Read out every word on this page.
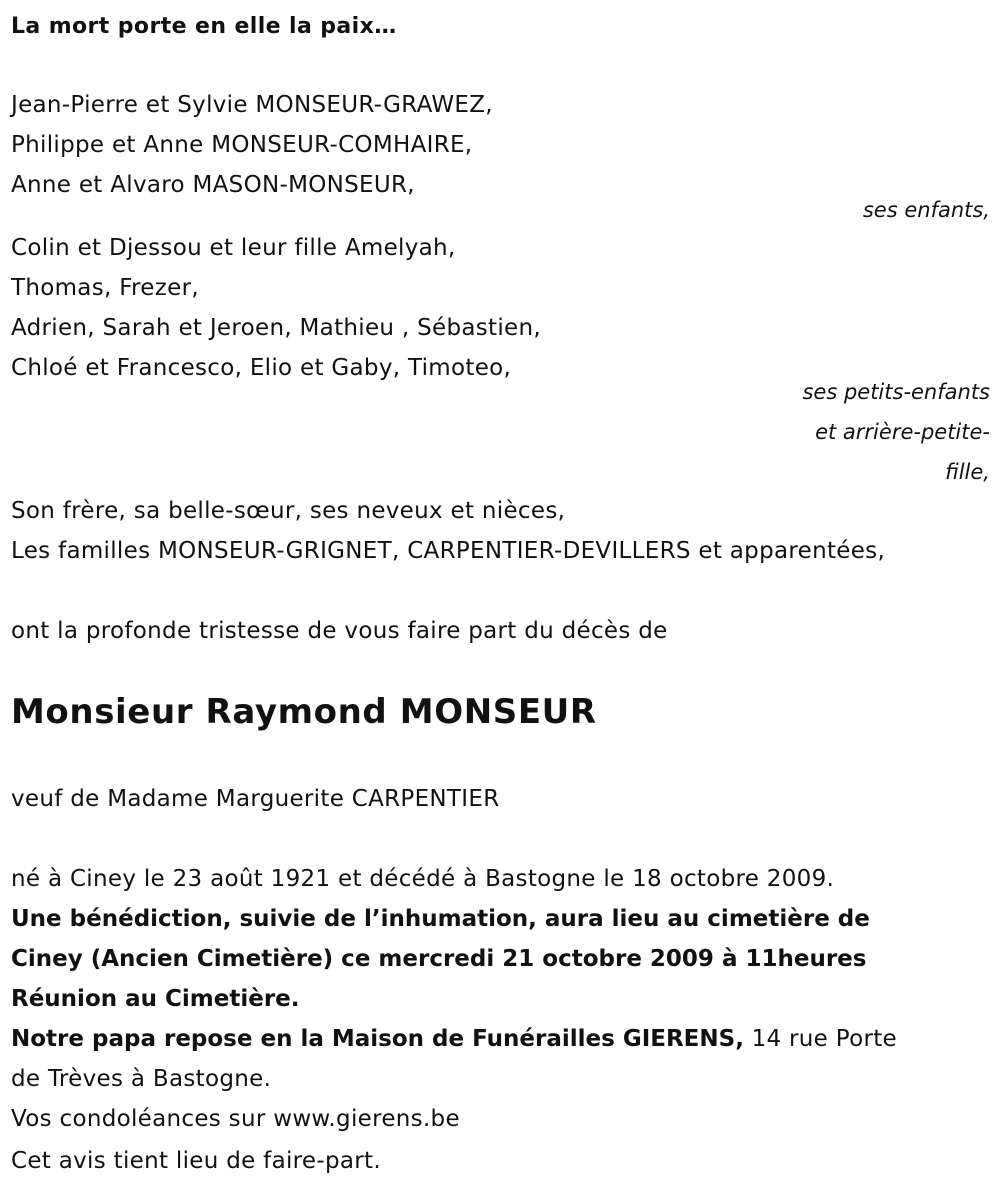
La mort porte en elle la paix…
Jean-Pierre et Sylvie MONSEUR-GRAWEZ,
Philippe et Anne MONSEUR-COMHAIRE,
Anne et Alvaro MASON-MONSEUR,
ses enfants,
Colin et Djessou et leur fille Amelyah,
Thomas, Frezer,
Adrien, Sarah et Jeroen, Mathieu , Sébastien,
Chloé et Francesco, Elio et Gaby, Timoteo,
ses petits-enfants
et arrière-petite-
fille,
Son frère, sa belle-sœur, ses neveux et nièces,
Les familles MONSEUR-GRIGNET, CARPENTIER-DEVILLERS et apparentées,
ont la profonde tristesse de vous faire part du décès de
Monsieur Raymond MONSEUR
veuf de Madame Marguerite CARPENTIER
né à Ciney le 23 août 1921 et décédé à Bastogne le 18 octobre 2009.
Une bénédiction, suivie de l’inhumation, aura lieu au cimetière de
Ciney (Ancien Cimetière) ce mercredi 21 octobre 2009 à 11heures
Réunion au Cimetière.
Notre papa repose en la Maison de Funérailles GIERENS, 14 rue Porte
de Trèves à Bastogne.
Vos condoléances sur www.gierens.be
Cet avis tient lieu de faire-part.
